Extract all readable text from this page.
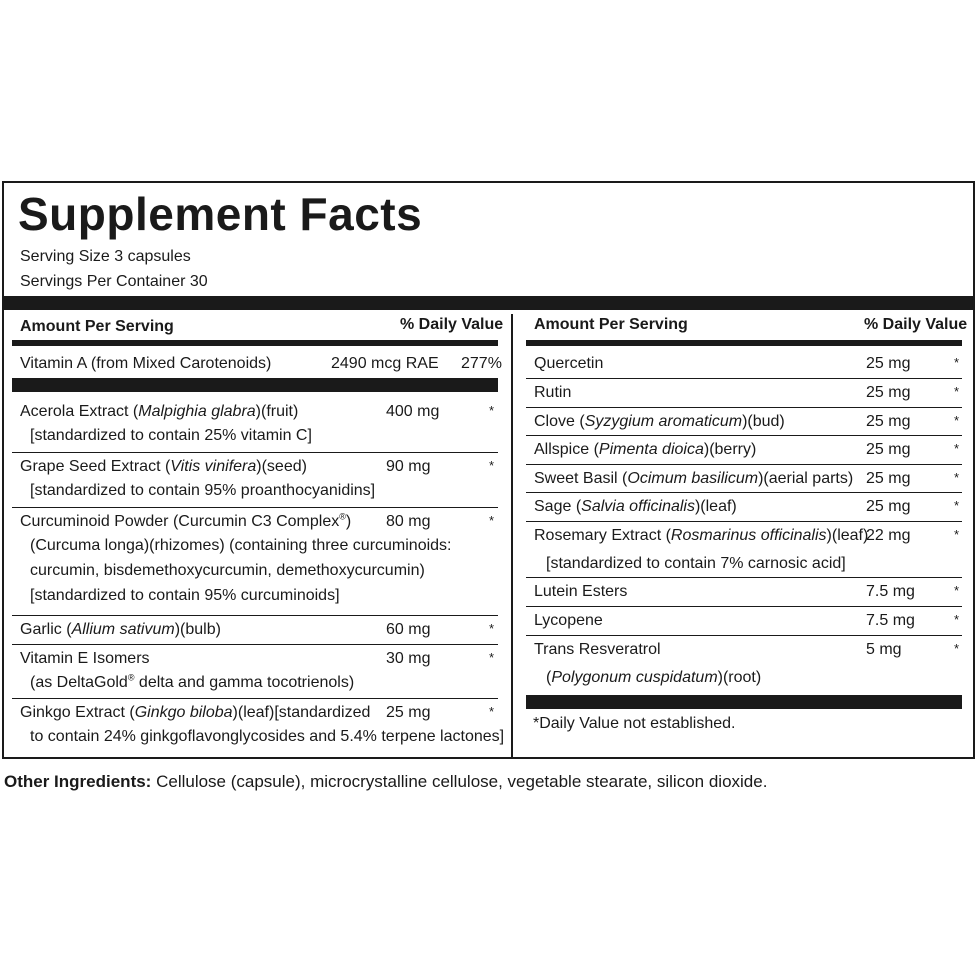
Supplement Facts
Serving Size 3 capsules
Servings Per Container 30
Amount Per Serving	% Daily Value
Vitamin A (from Mixed Carotenoids)	2490 mcg RAE 277%
Acerola Extract (Malpighia glabra)(fruit)	400 mg	*
[standardized to contain 25% vitamin C]
Grape Seed Extract (Vitis vinifera)(seed)	90 mg	*
[standardized to contain 95% proanthocyanidins]
Curcuminoid Powder (Curcumin C3 Complex®) 80 mg	*
(Curcuma longa)(rhizomes) (containing three curcuminoids:
curcumin, bisdemethoxycurcumin, demethoxycurcumin)
[standardized to contain 95% curcuminoids]
Garlic (Allium sativum)(bulb)	60 mg	*
Vitamin E Isomers	30 mg	*
(as DeltaGold® delta and gamma tocotrienols)
Ginkgo Extract (Ginkgo biloba)(leaf)[standardized 25 mg	*
to contain 24% ginkgoflavonglycosides and 5.4% terpene lactones]
Amount Per Serving	% Daily Value
Quercetin	25 mg	*
Rutin	25 mg	*
Clove (Syzygium aromaticum)(bud)	25 mg	*
Allspice (Pimenta dioica)(berry)	25 mg	*
Sweet Basil (Ocimum basilicum)(aerial parts) 25 mg	*
Sage (Salvia officinalis)(leaf)	25 mg	*
Rosemary Extract (Rosmarinus officinalis)(leaf)
22 mg	*
[standardized to contain 7% carnosic acid]
Lutein Esters	7.5 mg	*
Lycopene	7.5 mg	*
Trans Resveratrol	5 mg	*
(Polygonum cuspidatum)(root)
*Daily Value not established.
Other Ingredients: Cellulose (capsule), microcrystalline cellulose, vegetable stearate, silicon dioxide.
